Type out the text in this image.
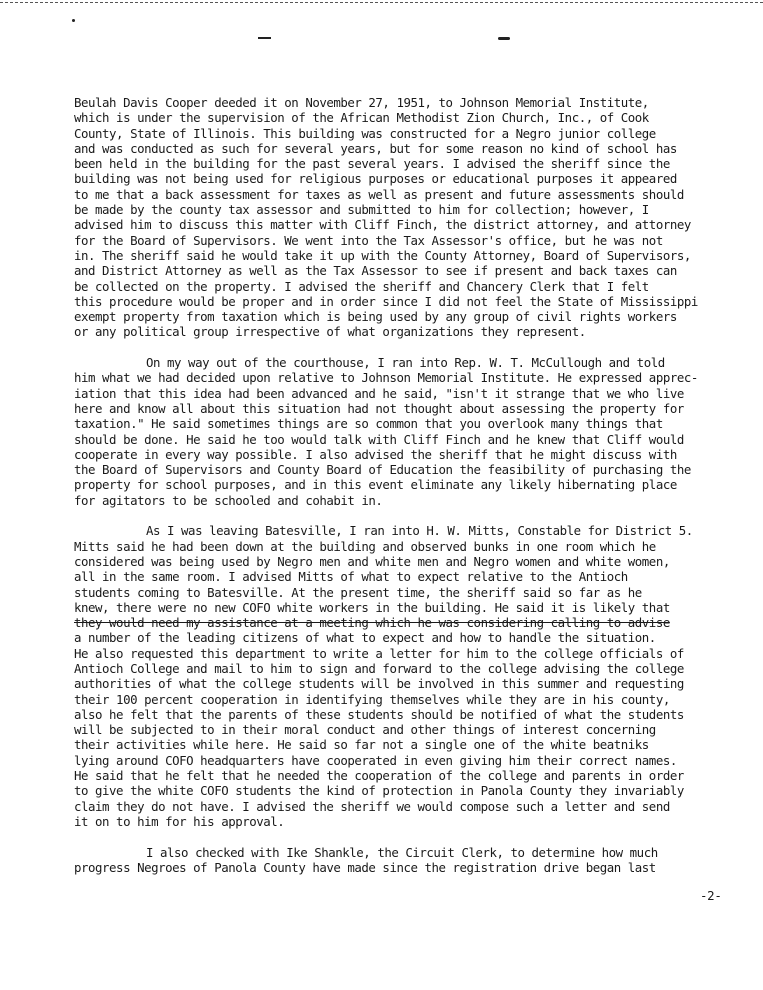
Beulah Davis Cooper deeded it on November 27, 1951, to Johnson Memorial Institute,
which is under the supervision of the African Methodist Zion Church, Inc., of Cook
County, State of Illinois. This building was constructed for a Negro junior college
and was conducted as such for several years, but for some reason no kind of school has
been held in the building for the past several years. I advised the sheriff since the
building was not being used for religious purposes or educational purposes it appeared
to me that a back assessment for taxes as well as present and future assessments should
be made by the county tax assessor and submitted to him for collection; however, I
advised him to discuss this matter with Cliff Finch, the district attorney, and attorney
for the Board of Supervisors. We went into the Tax Assessor's office, but he was not
in. The sheriff said he would take it up with the County Attorney, Board of Supervisors,
and District Attorney as well as the Tax Assessor to see if present and back taxes can
be collected on the property. I advised the sheriff and Chancery Clerk that I felt
this procedure would be proper and in order since I did not feel the State of Mississippi
exempt property from taxation which is being used by any group of civil rights workers
or any political group irrespective of what organizations they represent.
On my way out of the courthouse, I ran into Rep. W. T. McCullough and told
him what we had decided upon relative to Johnson Memorial Institute. He expressed apprec-
iation that this idea had been advanced and he said, "isn't it strange that we who live
here and know all about this situation had not thought about assessing the property for
taxation." He said sometimes things are so common that you overlook many things that
should be done. He said he too would talk with Cliff Finch and he knew that Cliff would
cooperate in every way possible. I also advised the sheriff that he might discuss with
the Board of Supervisors and County Board of Education the feasibility of purchasing the
property for school purposes, and in this event eliminate any likely hibernating place
for agitators to be schooled and cohabit in.
As I was leaving Batesville, I ran into H. W. Mitts, Constable for District 5.
Mitts said he had been down at the building and observed bunks in one room which he
considered was being used by Negro men and white men and Negro women and white women,
all in the same room. I advised Mitts of what to expect relative to the Antioch
students coming to Batesville. At the present time, the sheriff said so far as he
knew, there were no new COFO white workers in the building. He said it is likely that
they would need my assistance at a meeting which he was considering calling to advise
a number of the leading citizens of what to expect and how to handle the situation.
He also requested this department to write a letter for him to the college officials of
Antioch College and mail to him to sign and forward to the college advising the college
authorities of what the college students will be involved in this summer and requesting
their 100 percent cooperation in identifying themselves while they are in his county,
also he felt that the parents of these students should be notified of what the students
will be subjected to in their moral conduct and other things of interest concerning
their activities while here. He said so far not a single one of the white beatniks
lying around COFO headquarters have cooperated in even giving him their correct names.
He said that he felt that he needed the cooperation of the college and parents in order
to give the white COFO students the kind of protection in Panola County they invariably
claim they do not have. I advised the sheriff we would compose such a letter and send
it on to him for his approval.
I also checked with Ike Shankle, the Circuit Clerk, to determine how much
progress Negroes of Panola County have made since the registration drive began last
-2-
